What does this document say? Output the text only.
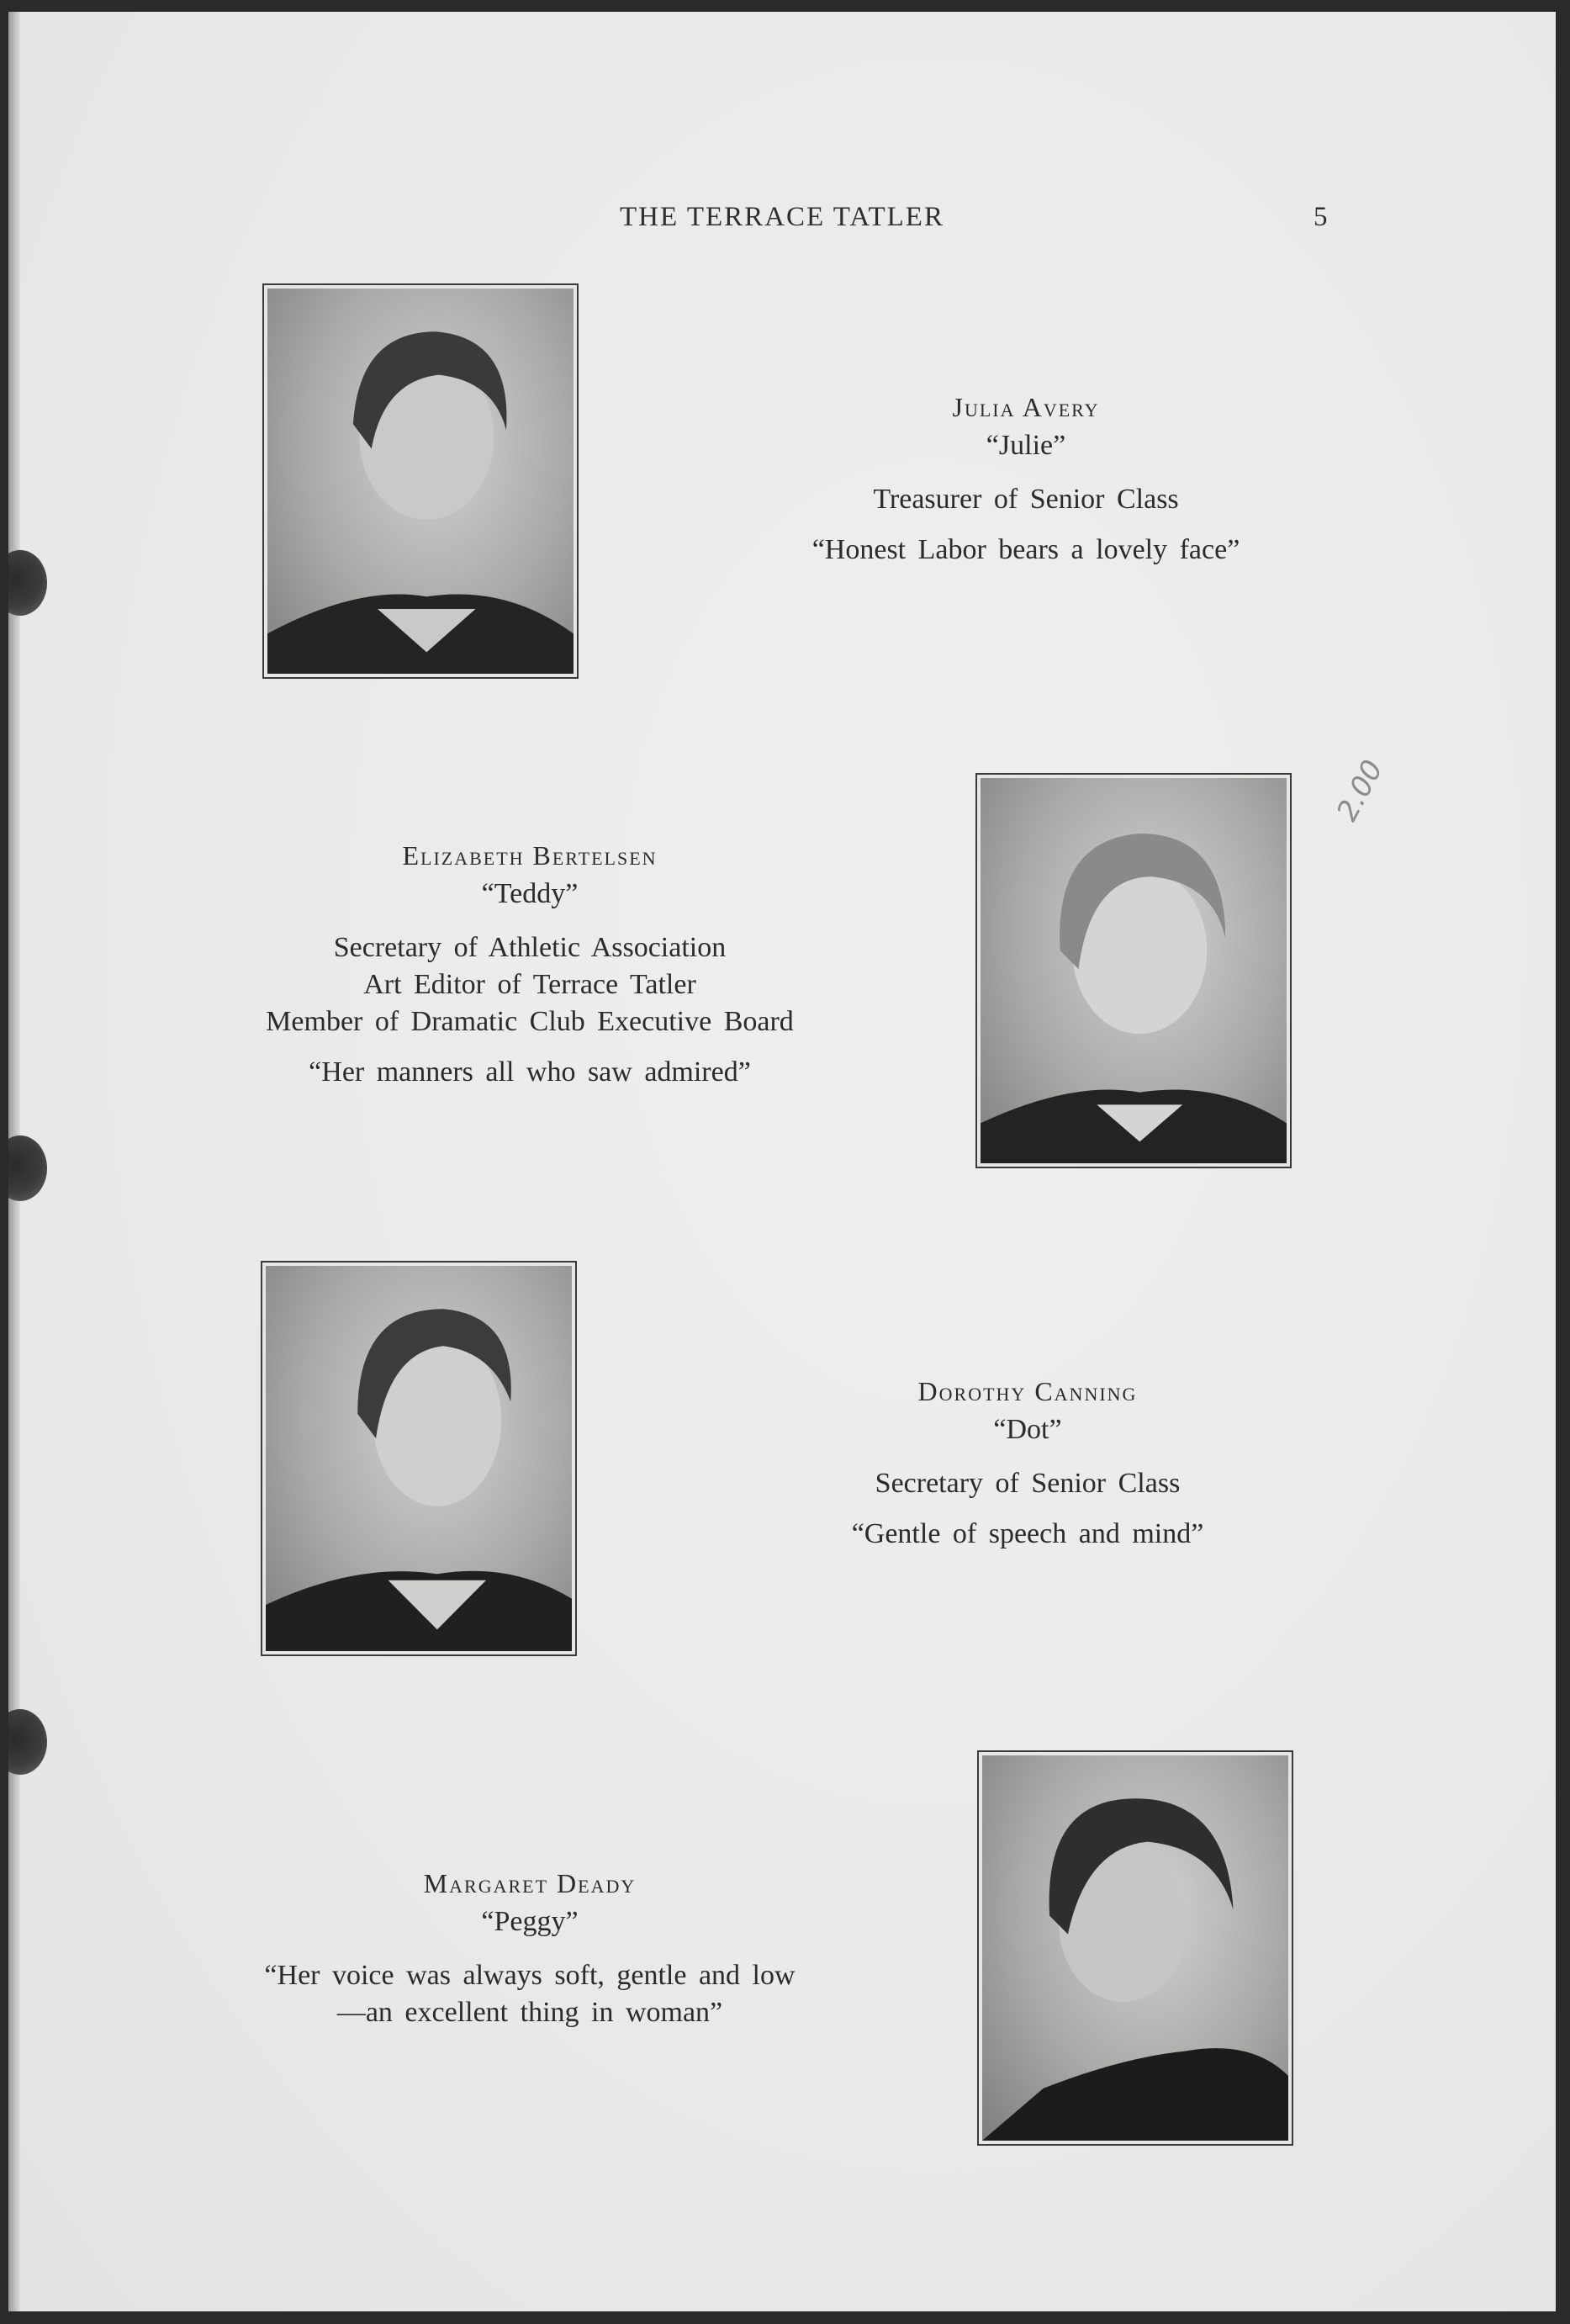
THE TERRACE TATLER	5
Julia Avery
“Julie”
Treasurer of Senior Class
“Honest Labor bears a lovely face”
Elizabeth Bertelsen
“Teddy”
Secretary of Athletic Association
Art Editor of Terrace Tatler
Member of Dramatic Club Executive Board
“Her manners all who saw admired”
Dorothy Canning
“Dot”
Secretary of Senior Class
“Gentle of speech and mind”
Margaret Deady
“Peggy”
“Her voice was always soft, gentle and low
—an excellent thing in woman”
2.00
